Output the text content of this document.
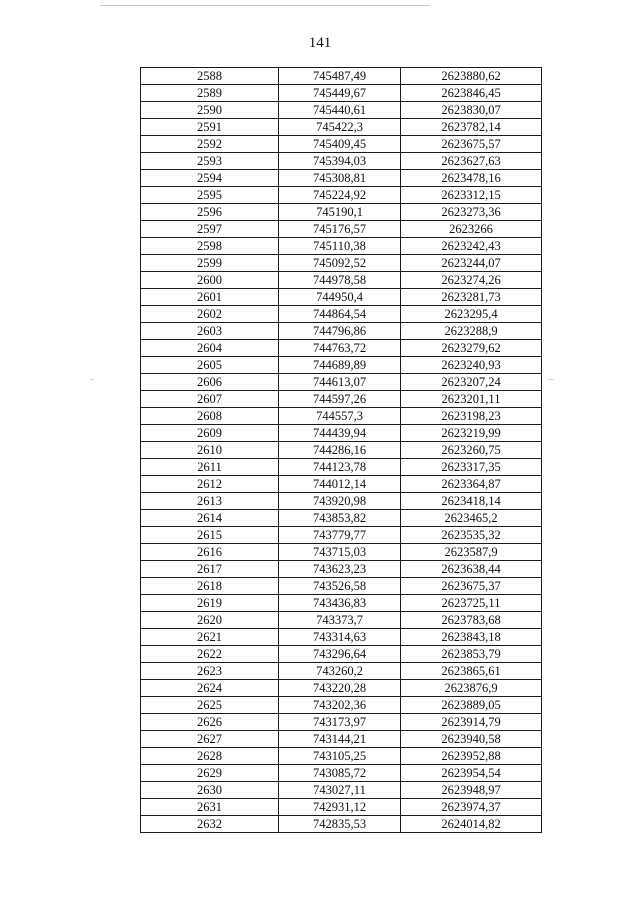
141
..	...
2588	745487,49	2623880,62
2589	745449,67	2623846,45
2590	745440,61	2623830,07
2591	745422,3	2623782,14
2592	745409,45	2623675,57
2593	745394,03	2623627,63
2594	745308,81	2623478,16
2595	745224,92	2623312,15
2596	745190,1	2623273,36
2597	745176,57	2623266
2598	745110,38	2623242,43
2599	745092,52	2623244,07
2600	744978,58	2623274,26
2601	744950,4	2623281,73
2602	744864,54	2623295,4
2603	744796,86	2623288,9
2604	744763,72	2623279,62
2605	744689,89	2623240,93
2606	744613,07	2623207,24
2607	744597,26	2623201,11
2608	744557,3	2623198,23
2609	744439,94	2623219,99
2610	744286,16	2623260,75
2611	744123,78	2623317,35
2612	744012,14	2623364,87
2613	743920,98	2623418,14
2614	743853,82	2623465,2
2615	743779,77	2623535,32
2616	743715,03	2623587,9
2617	743623,23	2623638,44
2618	743526,58	2623675,37
2619	743436,83	2623725,11
2620	743373,7	2623783,68
2621	743314,63	2623843,18
2622	743296,64	2623853,79
2623	743260,2	2623865,61
2624	743220,28	2623876,9
2625	743202,36	2623889,05
2626	743173,97	2623914,79
2627	743144,21	2623940,58
2628	743105,25	2623952,88
2629	743085,72	2623954,54
2630	743027,11	2623948,97
2631	742931,12	2623974,37
2632	742835,53	2624014,82
